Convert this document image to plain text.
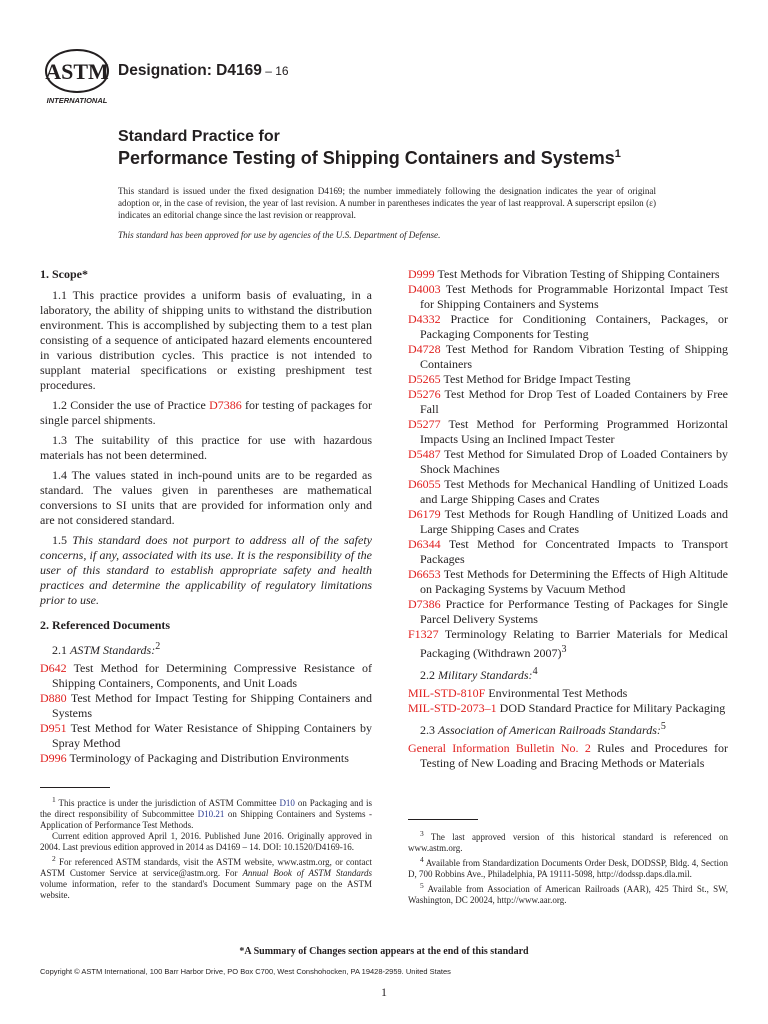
ASTM
INTERNATIONAL
Designation: D4169 – 16
Standard Practice for
Performance Testing of Shipping Containers and Systems$^1$
This standard is issued under the fixed designation D4169; the number immediately following the designation indicates the year of original adoption or, in the case of revision, the year of last revision. A number in parentheses indicates the year of last reapproval. A superscript epsilon (ε) indicates an editorial change since the last revision or reapproval.
This standard has been approved for use by agencies of the U.S. Department of Defense.
1. Scope*
1.1 This practice provides a uniform basis of evaluating, in a laboratory, the ability of shipping units to withstand the distribution environment. This is accomplished by subjecting them to a test plan consisting of a sequence of anticipated hazard elements encountered in various distribution cycles. This practice is not intended to supplant material specifications or existing preshipment test procedures.
1.2 Consider the use of Practice D7386 for testing of packages for single parcel shipments.
1.3 The suitability of this practice for use with hazardous materials has not been determined.
1.4 The values stated in inch-pound units are to be regarded as standard. The values given in parentheses are mathematical conversions to SI units that are provided for information only and are not considered standard.
1.5 This standard does not purport to address all of the safety concerns, if any, associated with its use. It is the responsibility of the user of this standard to establish appropriate safety and health practices and determine the applicability of regulatory limitations prior to use.
2. Referenced Documents
2.1 ASTM Standards:$^2$
D642 Test Method for Determining Compressive Resistance of Shipping Containers, Components, and Unit Loads
D880 Test Method for Impact Testing for Shipping Containers and Systems
D951 Test Method for Water Resistance of Shipping Containers by Spray Method
D996 Terminology of Packaging and Distribution Environments
D999 Test Methods for Vibration Testing of Shipping Containers
D4003 Test Methods for Programmable Horizontal Impact Test for Shipping Containers and Systems
D4332 Practice for Conditioning Containers, Packages, or Packaging Components for Testing
D4728 Test Method for Random Vibration Testing of Shipping Containers
D5265 Test Method for Bridge Impact Testing
D5276 Test Method for Drop Test of Loaded Containers by Free Fall
D5277 Test Method for Performing Programmed Horizontal Impacts Using an Inclined Impact Tester
D5487 Test Method for Simulated Drop of Loaded Containers by Shock Machines
D6055 Test Methods for Mechanical Handling of Unitized Loads and Large Shipping Cases and Crates
D6179 Test Methods for Rough Handling of Unitized Loads and Large Shipping Cases and Crates
D6344 Test Method for Concentrated Impacts to Transport Packages
D6653 Test Methods for Determining the Effects of High Altitude on Packaging Systems by Vacuum Method
D7386 Practice for Performance Testing of Packages for Single Parcel Delivery Systems
F1327 Terminology Relating to Barrier Materials for Medical Packaging (Withdrawn 2007)$^3$
2.2 Military Standards:$^4$
MIL-STD-810F Environmental Test Methods
MIL-STD-2073–1 DOD Standard Practice for Military Packaging
2.3 Association of American Railroads Standards:$^5$
General Information Bulletin No. 2 Rules and Procedures for Testing of New Loading and Bracing Methods or Materials

$^1$ This practice is under the jurisdiction of ASTM Committee D10 on Packaging and is the direct responsibility of Subcommittee D10.21 on Shipping Containers and Systems - Application of Performance Test Methods.

Current edition approved April 1, 2016. Published June 2016. Originally approved in 2004. Last previous edition approved in 2014 as D4169 – 14. DOI: 10.1520/D4169-16.

$^2$ For referenced ASTM standards, visit the ASTM website, www.astm.org, or contact ASTM Customer Service at service@astm.org. For Annual Book of ASTM Standards volume information, refer to the standard's Document Summary page on the ASTM website.

$^3$ The last approved version of this historical standard is referenced on www.astm.org.

$^4$ Available from Standardization Documents Order Desk, DODSSP, Bldg. 4, Section D, 700 Robbins Ave., Philadelphia, PA 19111-5098, http://dodssp.daps.dla.mil.

$^5$ Available from Association of American Railroads (AAR), 425 Third St., SW, Washington, DC 20024, http://www.aar.org.

*A Summary of Changes section appears at the end of this standard
Copyright © ASTM International, 100 Barr Harbor Drive, PO Box C700, West Conshohocken, PA 19428-2959. United States
1
